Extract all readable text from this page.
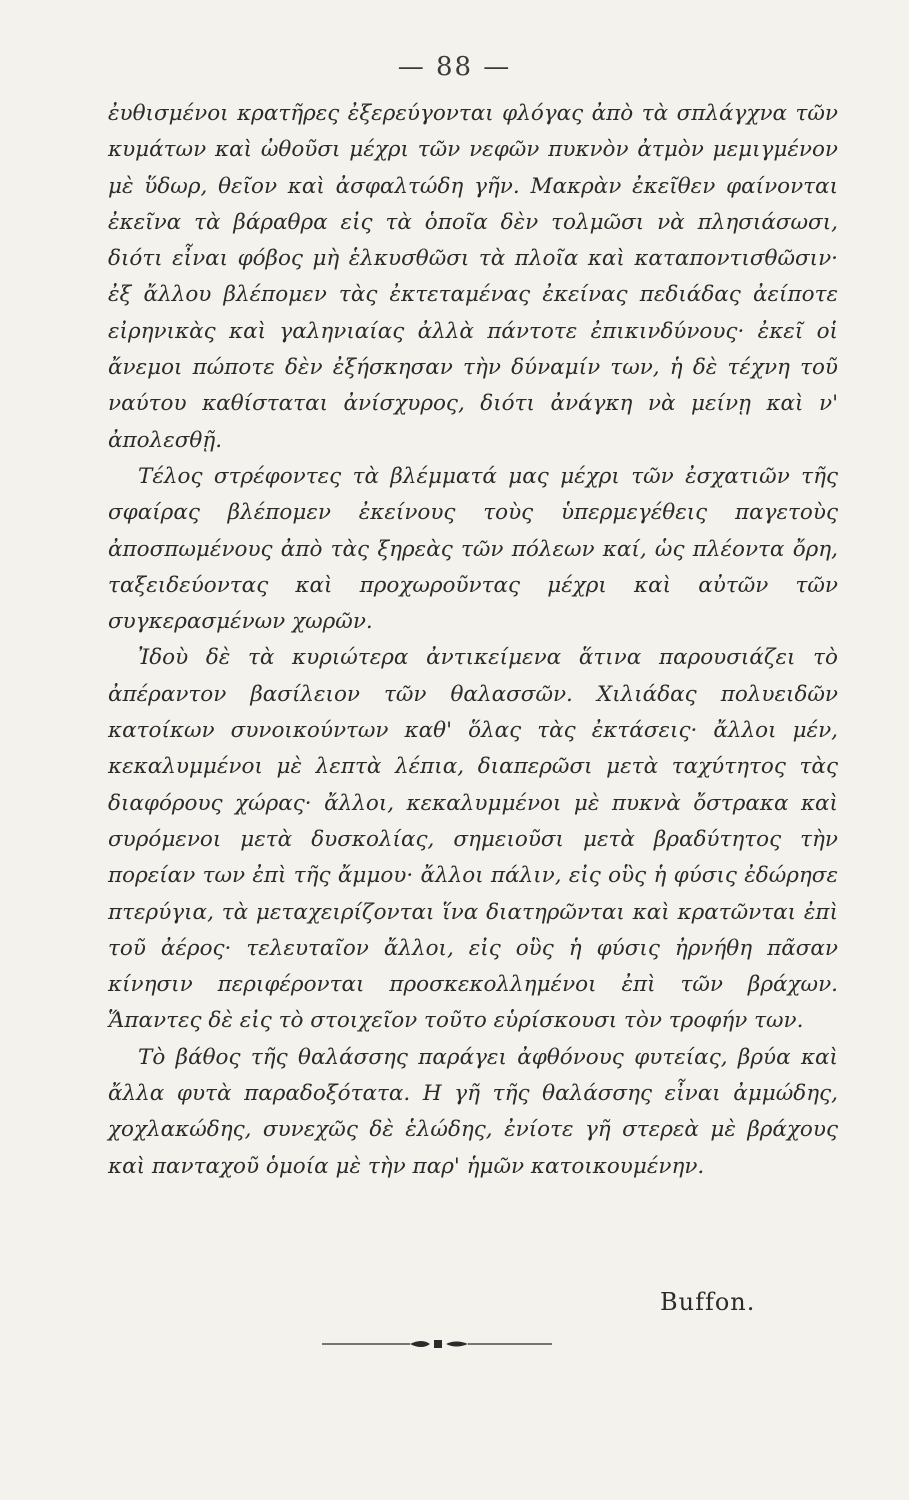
— 88 —

ἐυθισμένοι κρατῆρες ἐξερεύγονται φλόγας ἀπὸ τὰ σπλάγχνα τῶν κυμάτων καὶ ὠθοῦσι μέχρι τῶν νεφῶν πυκνὸν ἀτμὸν μεμιγμένον μὲ ὕδωρ, θεῖον καὶ ἀσφαλτώδη γῆν. Μακρὰν ἐκεῖθεν φαίνονται ἐκεῖνα τὰ βάραθρα εἰς τὰ ὁποῖα δὲν τολμῶσι νὰ πλησιάσωσι, διότι εἶναι φόβος μὴ ἑλκυσθῶσι τὰ πλοῖα καὶ καταποντισθῶσιν· ἐξ ἄλλου βλέπομεν τὰς ἐκτεταμένας ἐκείνας πεδιάδας ἀείποτε εἰρηνικὰς καὶ γαληνιαίας ἀλλὰ πάντοτε ἐπικινδύνους· ἐκεῖ οἱ ἄνεμοι πώποτε δὲν ἐξήσκησαν τὴν δύναμίν των, ἡ δὲ τέχνη τοῦ ναύτου καθίσταται ἀνίσχυρος, διότι ἀνάγκη νὰ μείνῃ καὶ ν' ἀπολεσθῇ.

Τέλος στρέφοντες τὰ βλέμματά μας μέχρι τῶν ἐσχατιῶν τῆς σφαίρας βλέπομεν ἐκείνους τοὺς ὑπερμεγέθεις παγετοὺς ἀποσπωμένους ἀπὸ τὰς ξηρεὰς τῶν πόλεων καί, ὡς πλέοντα ὄρη, ταξειδεύοντας καὶ προχωροῦντας μέχρι καὶ αὐτῶν τῶν συγκερασμένων χωρῶν.

Ἰδοὺ δὲ τὰ κυριώτερα ἀντικείμενα ἅτινα παρουσιάζει τὸ ἀπέραντον βασίλειον τῶν θαλασσῶν. Χιλιάδας πολυειδῶν κατοίκων συνοικούντων καθ' ὅλας τὰς ἐκτάσεις· ἄλλοι μέν, κεκαλυμμένοι μὲ λεπτὰ λέπια, διαπερῶσι μετὰ ταχύτητος τὰς διαφόρους χώρας· ἄλλοι, κεκαλυμμένοι μὲ πυκνὰ ὄστρακα καὶ συρόμενοι μετὰ δυσκολίας, σημειοῦσι μετὰ βραδύτητος τὴν πορείαν των ἐπὶ τῆς ἄμμου· ἄλλοι πάλιν, εἰς οὓς ἡ φύσις ἐδώρησε πτερύγια, τὰ μεταχειρίζονται ἵνα διατηρῶνται καὶ κρατῶνται ἐπὶ τοῦ ἀέρος· τελευταῖον ἄλλοι, εἰς οὓς ἡ φύσις ἠρνήθη πᾶσαν κίνησιν περιφέρονται προσκεκολλημένοι ἐπὶ τῶν βράχων. Ἅπαντες δὲ εἰς τὸ στοιχεῖον τοῦτο εὑρίσκουσι τὸν τροφήν των.

Τὸ βάθος τῆς θαλάσσης παράγει ἀφθόνους φυτείας, βρύα καὶ ἄλλα φυτὰ παραδοξότατα. Η γῆ τῆς θαλάσσης εἶναι ἀμμώδης, χοχλακώδης, συνεχῶς δὲ ἑλώδης, ἐνίοτε γῆ στερεὰ μὲ βράχους καὶ πανταχοῦ ὁμοία μὲ τὴν παρ' ἡμῶν κατοικουμένην.

Buffon.
